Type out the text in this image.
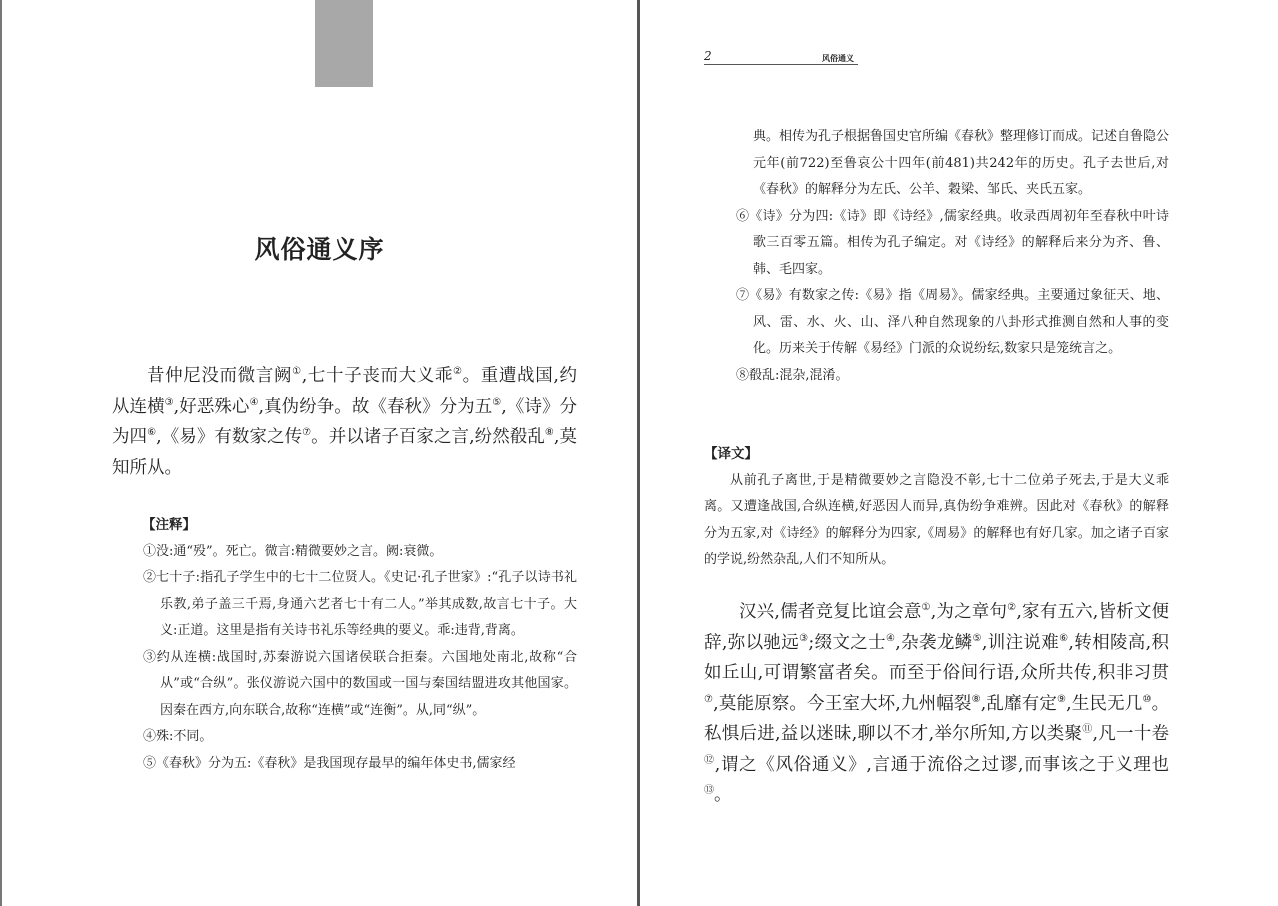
风俗通义序

昔仲尼没而微言阙①,七十子丧而大义乖②。重遭战国,约从连横③,好恶殊心④,真伪纷争。故《春秋》分为五⑤,《诗》分为四⑥,《易》有数家之传⑦。并以诸子百家之言,纷然殽乱⑧,莫知所从。

【注释】

①没:通“殁”。死亡。微言:精微要妙之言。阙:衰微。

②七十子:指孔子学生中的七十二位贤人。《史记·孔子世家》:“孔子以诗书礼乐教,弟子盖三千焉,身通六艺者七十有二人。”举其成数,故言七十子。大义:正道。这里是指有关诗书礼乐等经典的要义。乖:违背,背离。

③约从连横:战国时,苏秦游说六国诸侯联合拒秦。六国地处南北,故称“合从”或“合纵”。张仪游说六国中的数国或一国与秦国结盟进攻其他国家。因秦在西方,向东联合,故称“连横”或“连衡”。从,同“纵”。

④殊:不同。

⑤《春秋》分为五:《春秋》是我国现存最早的编年体史书,儒家经

2	风俗通义

典。相传为孔子根据鲁国史官所编《春秋》整理修订而成。记述自鲁隐公元年(前722)至鲁哀公十四年(前481)共242年的历史。孔子去世后,对《春秋》的解释分为左氏、公羊、穀梁、邹氏、夹氏五家。

⑥《诗》分为四:《诗》即《诗经》,儒家经典。收录西周初年至春秋中叶诗歌三百零五篇。相传为孔子编定。对《诗经》的解释后来分为齐、鲁、韩、毛四家。

⑦《易》有数家之传:《易》指《周易》。儒家经典。主要通过象征天、地、风、雷、水、火、山、泽八种自然现象的八卦形式推测自然和人事的变化。历来关于传解《易经》门派的众说纷纭,数家只是笼统言之。

⑧殽乱:混杂,混淆。

【译文】

从前孔子离世,于是精微要妙之言隐没不彰,七十二位弟子死去,于是大义乖离。又遭逢战国,合纵连横,好恶因人而异,真伪纷争难辨。因此对《春秋》的解释分为五家,对《诗经》的解释分为四家,《周易》的解释也有好几家。加之诸子百家的学说,纷然杂乱,人们不知所从。

汉兴,儒者竞复比谊会意①,为之章句②,家有五六,皆析文便辞,弥以驰远③;缀文之士④,杂袭龙鳞⑤,训注说难⑥,转相陵高,积如丘山,可谓繁富者矣。而至于俗间行语,众所共传,积非习贯⑦,莫能原察。今王室大坏,九州幅裂⑧,乱靡有定⑨,生民无几⑩。私惧后进,益以迷昧,聊以不才,举尔所知,方以类聚⑪,凡一十卷⑫,谓之《风俗通义》,言通于流俗之过谬,而事该之于义理也⑬。
